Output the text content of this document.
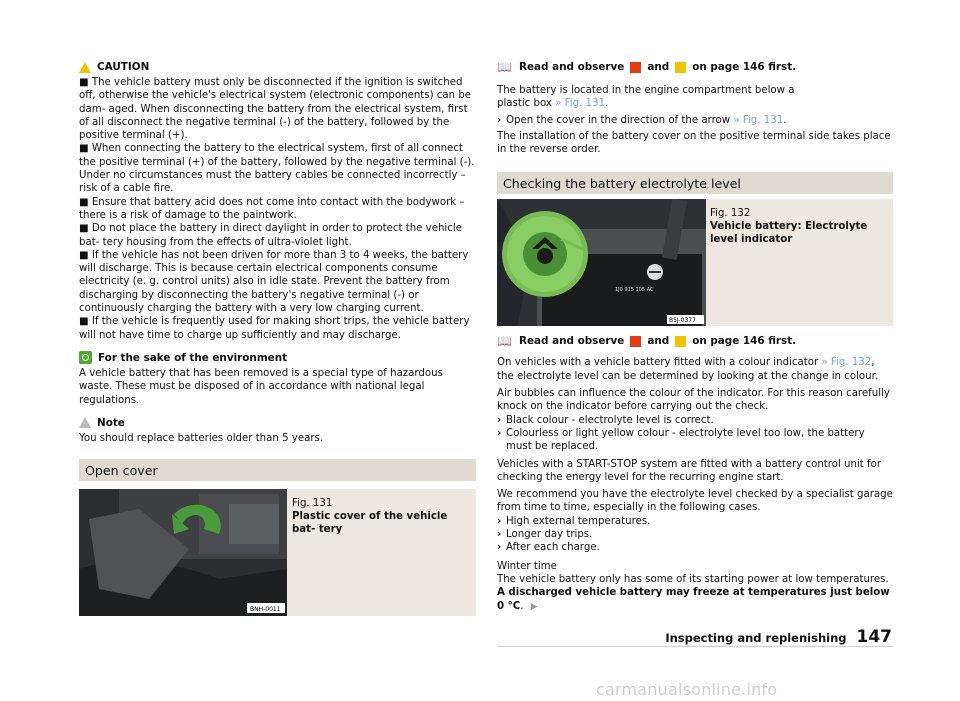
CAUTION

■ The vehicle battery must only be disconnected if the ignition is switched off, otherwise the vehicle's electrical system (electronic components) can be dam- aged. When disconnecting the battery from the electrical system, first of all disconnect the negative terminal (-) of the battery, followed by the positive terminal (+).

■ When connecting the battery to the electrical system, first of all connect the positive terminal (+) of the battery, followed by the negative terminal (-). Under no circumstances must the battery cables be connected incorrectly – risk of a cable fire.

■ Ensure that battery acid does not come into contact with the bodywork – there is a risk of damage to the paintwork.

■ Do not place the battery in direct daylight in order to protect the vehicle bat- tery housing from the effects of ultra-violet light.

■ If the vehicle has not been driven for more than 3 to 4 weeks, the battery will discharge. This is because certain electrical components consume electricity (e. g. control units) also in idle state. Prevent the battery from discharging by disconnecting the battery's negative terminal (-) or continuously charging the battery with a very low charging current.

■ If the vehicle is frequently used for making short trips, the vehicle battery will not have time to charge up sufficiently and may discharge.

For the sake of the environment

A vehicle battery that has been removed is a special type of hazardous waste. These must be disposed of in accordance with national legal regulations.

Note

You should replace batteries older than 5 years.

Open cover
BNH-0011
Fig. 131
Plastic cover of the vehicle bat- tery
📖 Read and observe and on page 146 first.

The battery is located in the engine compartment below a plastic box » Fig. 131.

› Open the cover in the direction of the arrow » Fig. 131.

The installation of the battery cover on the positive terminal side takes place in the reverse order.

Checking the battery electrolyte level
1J0 915 105 AC
B5J-0377
Fig. 132
Vehicle battery: Electrolyte level indicator
📖 Read and observe and on page 146 first.

On vehicles with a vehicle battery fitted with a colour indicator » Fig. 132, the electrolyte level can be determined by looking at the change in colour.

Air bubbles can influence the colour of the indicator. For this reason carefully knock on the indicator before carrying out the check.

› Black colour - electrolyte level is correct.
› Colourless or light yellow colour - electrolyte level too low, the battery must be replaced.

Vehicles with a START-STOP system are fitted with a battery control unit for checking the energy level for the recurring engine start.

We recommend you have the electrolyte level checked by a specialist garage from time to time, especially in the following cases.

› High external temperatures.
› Longer day trips.
› After each charge.

Winter time

The vehicle battery only has some of its starting power at low temperatures. A discharged vehicle battery may freeze at temperatures just below 0 °C. ▶

Inspecting and replenishing 147
carmanualsonline.info
